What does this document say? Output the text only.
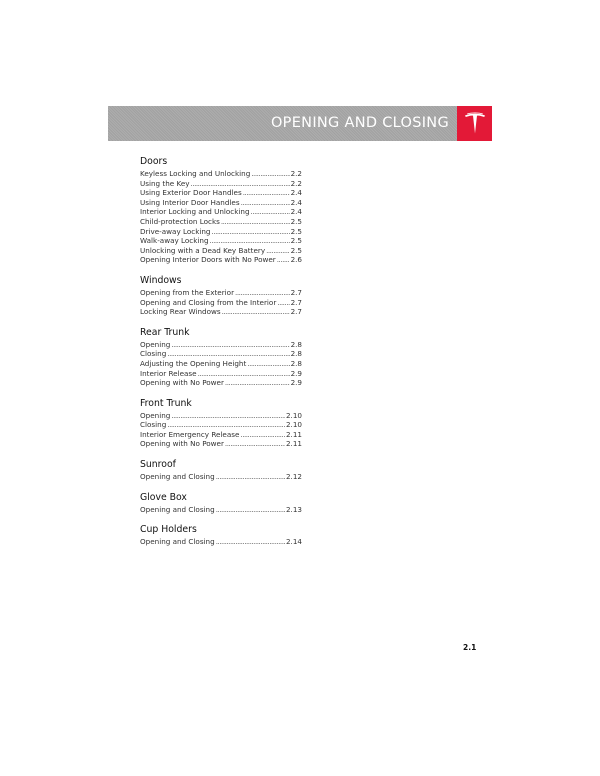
OPENING AND CLOSING
Doors
Keyless Locking and Unlocking .....	2.2
Using the Key .....	2.2
Using Exterior Door Handles .....	2.4
Using Interior Door Handles .....	2.4
Interior Locking and Unlocking .....	2.4
Child-protection Locks .....	2.5
Drive-away Locking .....	2.5
Walk-away Locking .....	2.5
Unlocking with a Dead Key Battery .....	2.5
Opening Interior Doors with No Power ..... 2.6
Windows
Opening from the Exterior .....	2.7
Opening and Closing from the Interior ..... 2.7
Locking Rear Windows .....	2.7
Rear Trunk
Opening .....	2.8
Closing .....	2.8
Adjusting the Opening Height .....	2.8
Interior Release .....	2.9
Opening with No Power .....	2.9
Front Trunk
Opening .....	2.10
Closing .....	2.10
Interior Emergency Release .....	2.11
Opening with No Power .....	2.11
Sunroof
Opening and Closing .....	2.12
Glove Box
Opening and Closing .....	2.13
Cup Holders
Opening and Closing .....	2.14
2.1
